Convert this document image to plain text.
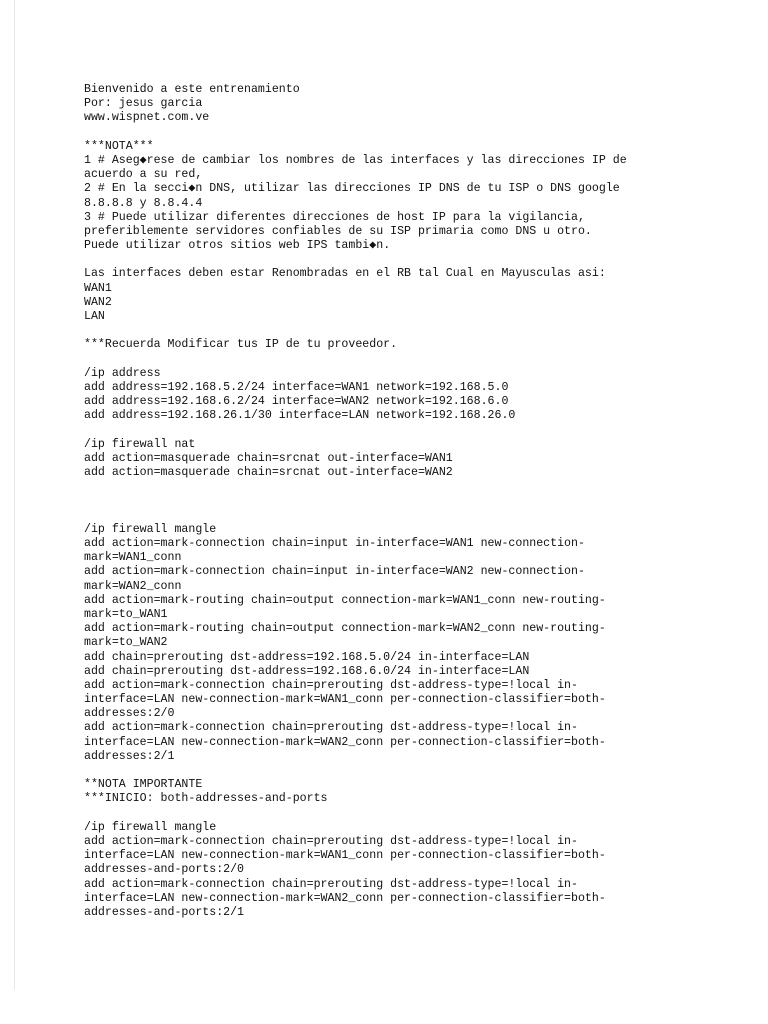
Bienvenido a este entrenamiento
Por: jesus garcia
www.wispnet.com.ve
***NOTA***
1 # Aseg◆rese de cambiar los nombres de las interfaces y las direcciones IP de
acuerdo a su red,
2 # En la secci◆n DNS, utilizar las direcciones IP DNS de tu ISP o DNS google
8.8.8.8 y 8.8.4.4
3 # Puede utilizar diferentes direcciones de host IP para la vigilancia,
preferiblemente servidores confiables de su ISP primaria como DNS u otro.
Puede utilizar otros sitios web IPS tambi◆n.
Las interfaces deben estar Renombradas en el RB tal Cual en Mayusculas asi:
WAN1
WAN2
LAN
***Recuerda Modificar tus IP de tu proveedor.
/ip address
add address=192.168.5.2/24 interface=WAN1 network=192.168.5.0
add address=192.168.6.2/24 interface=WAN2 network=192.168.6.0
add address=192.168.26.1/30 interface=LAN network=192.168.26.0
/ip firewall nat
add action=masquerade chain=srcnat out-interface=WAN1
add action=masquerade chain=srcnat out-interface=WAN2
/ip firewall mangle
add action=mark-connection chain=input in-interface=WAN1 new-connection-
mark=WAN1_conn
add action=mark-connection chain=input in-interface=WAN2 new-connection-
mark=WAN2_conn
add action=mark-routing chain=output connection-mark=WAN1_conn new-routing-
mark=to_WAN1
add action=mark-routing chain=output connection-mark=WAN2_conn new-routing-
mark=to_WAN2
add chain=prerouting dst-address=192.168.5.0/24 in-interface=LAN
add chain=prerouting dst-address=192.168.6.0/24 in-interface=LAN
add action=mark-connection chain=prerouting dst-address-type=!local in-
interface=LAN new-connection-mark=WAN1_conn per-connection-classifier=both-
addresses:2/0
add action=mark-connection chain=prerouting dst-address-type=!local in-
interface=LAN new-connection-mark=WAN2_conn per-connection-classifier=both-
addresses:2/1
**NOTA IMPORTANTE
***INICIO: both-addresses-and-ports
/ip firewall mangle
add action=mark-connection chain=prerouting dst-address-type=!local in-
interface=LAN new-connection-mark=WAN1_conn per-connection-classifier=both-
addresses-and-ports:2/0
add action=mark-connection chain=prerouting dst-address-type=!local in-
interface=LAN new-connection-mark=WAN2_conn per-connection-classifier=both-
addresses-and-ports:2/1
